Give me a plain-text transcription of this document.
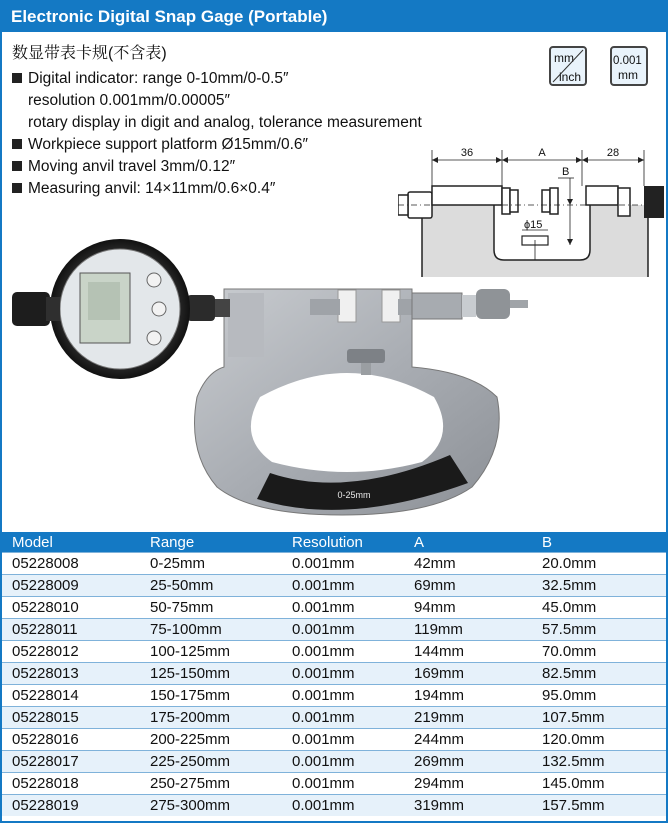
Electronic Digital Snap Gage (Portable)
数显带表卡规(不含表)
Digital indicator: range 0-10mm/0-0.5″
resolution 0.001mm/0.00005″
rotary display in digit and analog, tolerance measurement
Workpiece support platform Ø15mm/0.6″
Moving anvil travel 3mm/0.12″
Measuring anvil: 14×11mm/0.6×0.4″
mm
inch
0.001
mm
36	A	28
B
ϕ15
0-25mm
Model	Range	Resolution	A	B
05228008	0-25mm	0.001mm	42mm	20.0mm
05228009	25-50mm	0.001mm	69mm	32.5mm
05228010	50-75mm	0.001mm	94mm	45.0mm
05228011	75-100mm	0.001mm	119mm	57.5mm
05228012	100-125mm	0.001mm	144mm	70.0mm
05228013	125-150mm	0.001mm	169mm	82.5mm
05228014	150-175mm	0.001mm	194mm	95.0mm
05228015	175-200mm	0.001mm	219mm	107.5mm
05228016	200-225mm	0.001mm	244mm	120.0mm
05228017	225-250mm	0.001mm	269mm	132.5mm
05228018	250-275mm	0.001mm	294mm	145.0mm
05228019	275-300mm	0.001mm	319mm	157.5mm
